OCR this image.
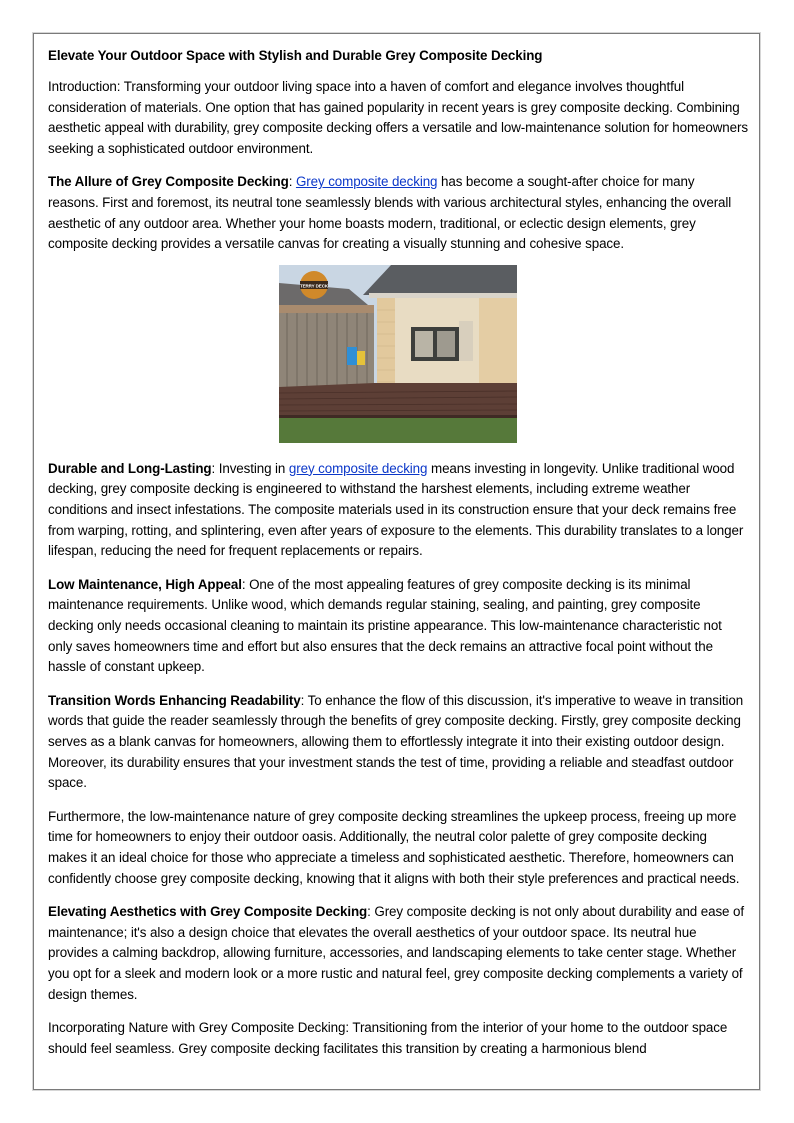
Elevate Your Outdoor Space with Stylish and Durable Grey Composite Decking

Introduction: Transforming your outdoor living space into a haven of comfort and elegance involves thoughtful consideration of materials. One option that has gained popularity in recent years is grey composite decking. Combining aesthetic appeal with durability, grey composite decking offers a versatile and low-maintenance solution for homeowners seeking a sophisticated outdoor environment.

The Allure of Grey Composite Decking: Grey composite decking has become a sought-after choice for many reasons. First and foremost, its neutral tone seamlessly blends with various architectural styles, enhancing the overall aesthetic of any outdoor area. Whether your home boasts modern, traditional, or eclectic design elements, grey composite decking provides a versatile canvas for creating a visually stunning and cohesive space.

TERRY DECK

Durable and Long-Lasting: Investing in grey composite decking means investing in longevity. Unlike traditional wood decking, grey composite decking is engineered to withstand the harshest elements, including extreme weather conditions and insect infestations. The composite materials used in its construction ensure that your deck remains free from warping, rotting, and splintering, even after years of exposure to the elements. This durability translates to a longer lifespan, reducing the need for frequent replacements or repairs.

Low Maintenance, High Appeal: One of the most appealing features of grey composite decking is its minimal maintenance requirements. Unlike wood, which demands regular staining, sealing, and painting, grey composite decking only needs occasional cleaning to maintain its pristine appearance. This low-maintenance characteristic not only saves homeowners time and effort but also ensures that the deck remains an attractive focal point without the hassle of constant upkeep.

Transition Words Enhancing Readability: To enhance the flow of this discussion, it's imperative to weave in transition words that guide the reader seamlessly through the benefits of grey composite decking. Firstly, grey composite decking serves as a blank canvas for homeowners, allowing them to effortlessly integrate it into their existing outdoor design. Moreover, its durability ensures that your investment stands the test of time, providing a reliable and steadfast outdoor space.

Furthermore, the low-maintenance nature of grey composite decking streamlines the upkeep process, freeing up more time for homeowners to enjoy their outdoor oasis. Additionally, the neutral color palette of grey composite decking makes it an ideal choice for those who appreciate a timeless and sophisticated aesthetic. Therefore, homeowners can confidently choose grey composite decking, knowing that it aligns with both their style preferences and practical needs.

Elevating Aesthetics with Grey Composite Decking: Grey composite decking is not only about durability and ease of maintenance; it's also a design choice that elevates the overall aesthetics of your outdoor space. Its neutral hue provides a calming backdrop, allowing furniture, accessories, and landscaping elements to take center stage. Whether you opt for a sleek and modern look or a more rustic and natural feel, grey composite decking complements a variety of design themes.

Incorporating Nature with Grey Composite Decking: Transitioning from the interior of your home to the outdoor space should feel seamless. Grey composite decking facilitates this transition by creating a harmonious blend
